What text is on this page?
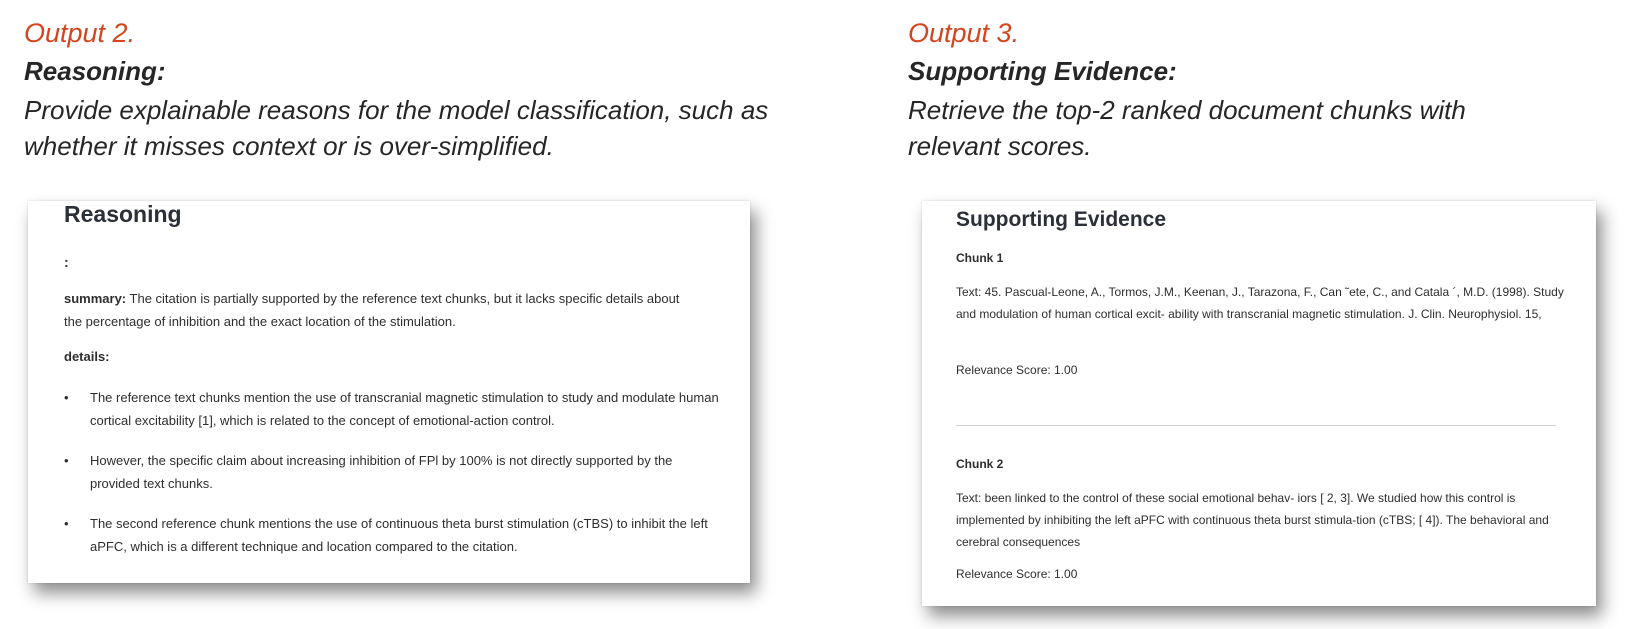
Output 2.
Reasoning:
Provide explainable reasons for the model classification, such as
whether it misses context or is over-simplified.
Reasoning
:

summary: The citation is partially supported by the reference text chunks, but it lacks specific details about the percentage of inhibition and the exact location of the stimulation.

details:
• The reference text chunks mention the use of transcranial magnetic stimulation to study and modulate human cortical excitability [1], which is related to the concept of emotional-action control.
• However, the specific claim about increasing inhibition of FPl by 100% is not directly supported by the provided text chunks.
• The second reference chunk mentions the use of continuous theta burst stimulation (cTBS) to inhibit the left aPFC, which is a different technique and location compared to the citation.
Output 3.
Supporting Evidence:
Retrieve the top-2 ranked document chunks with
relevant scores.
Supporting Evidence
Chunk 1

Text: 45. Pascual-Leone, A., Tormos, J.M., Keenan, J., Tarazona, F., Can ˜ete, C., and Catala ´, M.D. (1998). Study and modulation of human cortical excit- ability with transcranial magnetic stimulation. J. Clin. Neurophysiol. 15,

Relevance Score: 1.00
Chunk 2

Text: been linked to the control of these social emotional behav- iors [ 2, 3]. We studied how this control is implemented by inhibiting the left aPFC with continuous theta burst stimula-tion (cTBS; [ 4]). The behavioral and cerebral consequences

Relevance Score: 1.00
